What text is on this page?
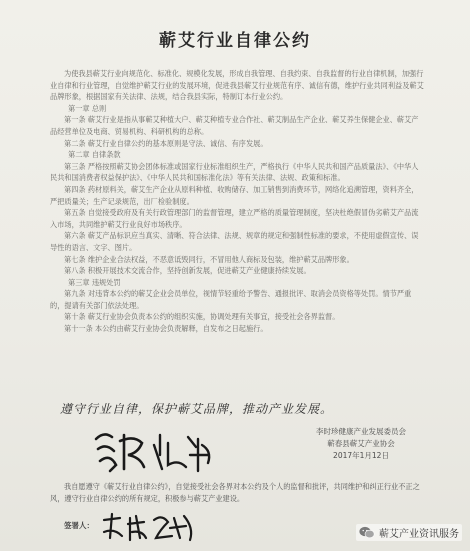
蕲艾行业自律公约

为使我县蕲艾行业向规范化、标准化、规模化发展，形成自我管理、自我约束、自我监督的行业自律机制，加强行业自律和行业管理，自觉维护蕲艾行业的发展环境，促进我县蕲艾行业规范有序、诚信有德，维护行业共同利益及蕲艾品牌形象，根据国家有关法律、法规，结合我县实际，特制订本行业公约。

第一章 总则

第一条 蕲艾行业是指从事蕲艾种植大户、蕲艾种植专业合作社、蕲艾制品生产企业、蕲艾养生保健企业、蕲艾产品经营单位及电商、贸易机构、科研机构的总称。

第二条 蕲艾行业自律公约的基本原则是守法、诚信、有序发展。

第二章 自律条款

第三条 严格按照蕲艾协会团体标准或国家行业标准组织生产，严格执行《中华人民共和国产品质量法》、《中华人民共和国消费者权益保护法》、《中华人民共和国标准化法》等有关法律、法规、政策和标准。

第四条 药材原料关，蕲艾生产企业从原料种植、收购储存、加工销售到消费环节，网络化追溯管理，资料齐全，严把质量关；生产记录规范，出厂检验制度。

第五条 自觉接受政府及有关行政管理部门的监督管理，建立严格的质量管理制度，坚决杜绝假冒伪劣蕲艾产品流入市场，共同维护蕲艾行业良好市场秩序。

第六条 蕲艾产品标识应当真实、清晰、符合法律、法规、规章的规定和强制性标准的要求，不使用虚假宣传、误导性的语言、文字、图片。

第七条 维护企业合法权益，不恶意诋毁同行，不冒用他人商标及包装，维护蕲艾品牌形象。

第八条 积极开展技术交流合作，坚持创新发展，促进蕲艾产业健康持续发展。

第三章 违规处罚

第九条 对违背本公约的蕲艾企业会员单位，视情节轻重给予警告、通报批评、取消会员资格等处罚。情节严重的，提请有关部门依法处理。

第十条 蕲艾行业协会负责本公约的组织实施，协调处理有关事宜，接受社会各界监督。

第十一条 本公约由蕲艾行业协会负责解释，自发布之日起施行。

遵守行业自律，保护蕲艾品牌，推动产业发展。
李时珍健康产业发展委员会
蕲春县蕲艾产业协会
2017年1月12日

我自愿遵守《蕲艾行业自律公约》，自觉接受社会各界对本公约及个人的监督和批评，共同维护和纠正行业不正之风，遵守行业自律公约的所有规定，积极参与蕲艾产业建设。

签署人：
蕲艾产业资讯服务
